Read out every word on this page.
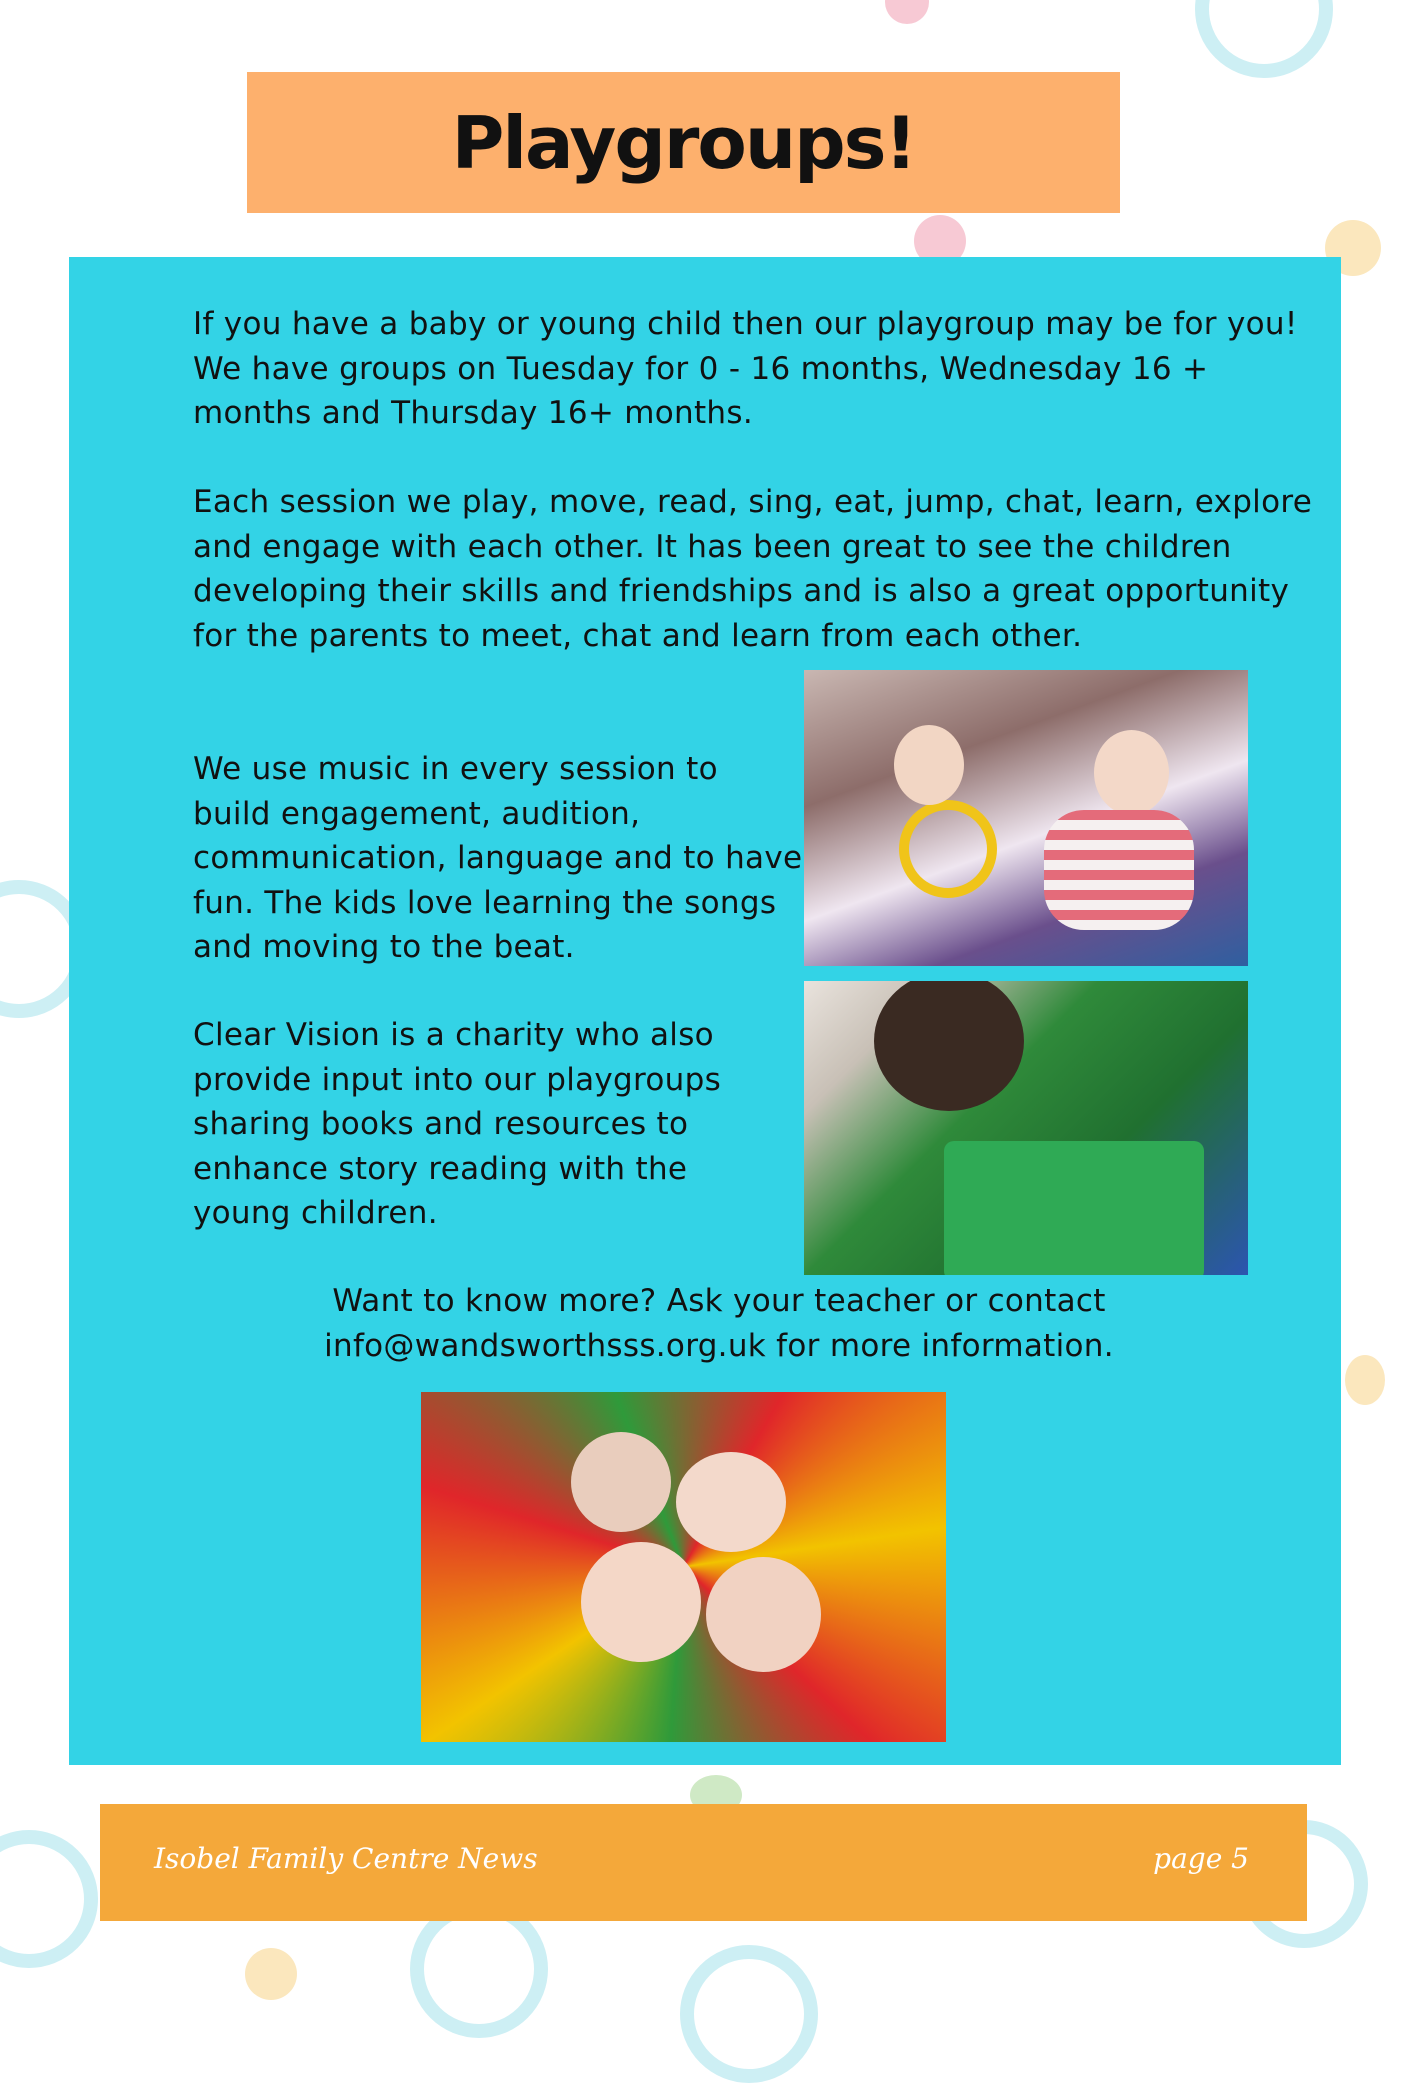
Playgroups!

If you have a baby or young child then our playgroup may be for you! We have groups on Tuesday for 0 - 16 months, Wednesday 16 + months and Thursday 16+ months.

Each session we play, move, read, sing, eat, jump, chat, learn, explore and engage with each other. It has been great to see the children developing their skills and friendships and is also a great opportunity for the parents to meet, chat and learn from each other.

We use music in every session to build engagement, audition, communication, language and to have fun. The kids love learning the songs and moving to the beat.

Clear Vision is a charity who also provide input into our playgroups sharing books and resources to enhance story reading with the young children.

Want to know more? Ask your teacher or contact info@wandsworthsss.org.uk for more information.

Isobel Family Centre News	page 5
